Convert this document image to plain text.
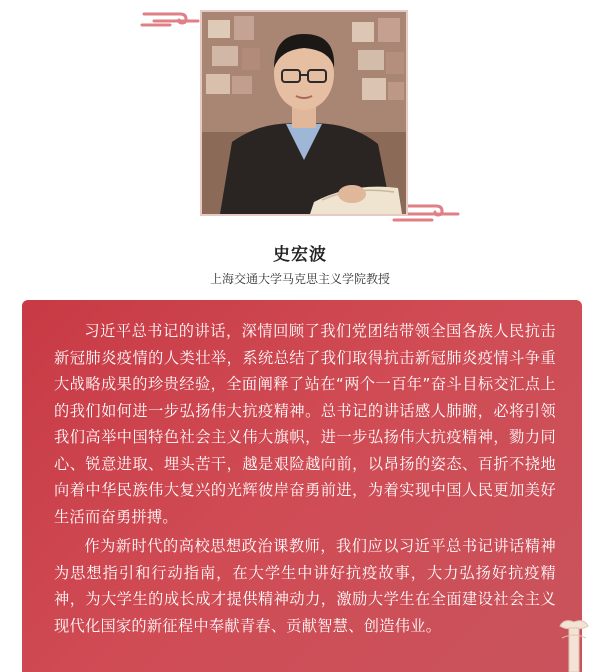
史宏波
上海交通大学马克思主义学院教授

习近平总书记的讲话，深情回顾了我们党团结带领全国各族人民抗击新冠肺炎疫情的人类壮举，系统总结了我们取得抗击新冠肺炎疫情斗争重大战略成果的珍贵经验，全面阐释了站在“两个一百年”奋斗目标交汇点上的我们如何进一步弘扬伟大抗疫精神。总书记的讲话感人肺腑，必将引领我们高举中国特色社会主义伟大旗帜，进一步弘扬伟大抗疫精神，勠力同心、锐意进取、埋头苦干，越是艰险越向前，以昂扬的姿态、百折不挠地向着中华民族伟大复兴的光辉彼岸奋勇前进，为着实现中国人民更加美好生活而奋勇拼搏。

作为新时代的高校思想政治课教师，我们应以习近平总书记讲话精神为思想指引和行动指南，在大学生中讲好抗疫故事，大力弘扬好抗疫精神，为大学生的成长成才提供精神动力，激励大学生在全面建设社会主义现代化国家的新征程中奉献青春、贡献智慧、创造伟业。
